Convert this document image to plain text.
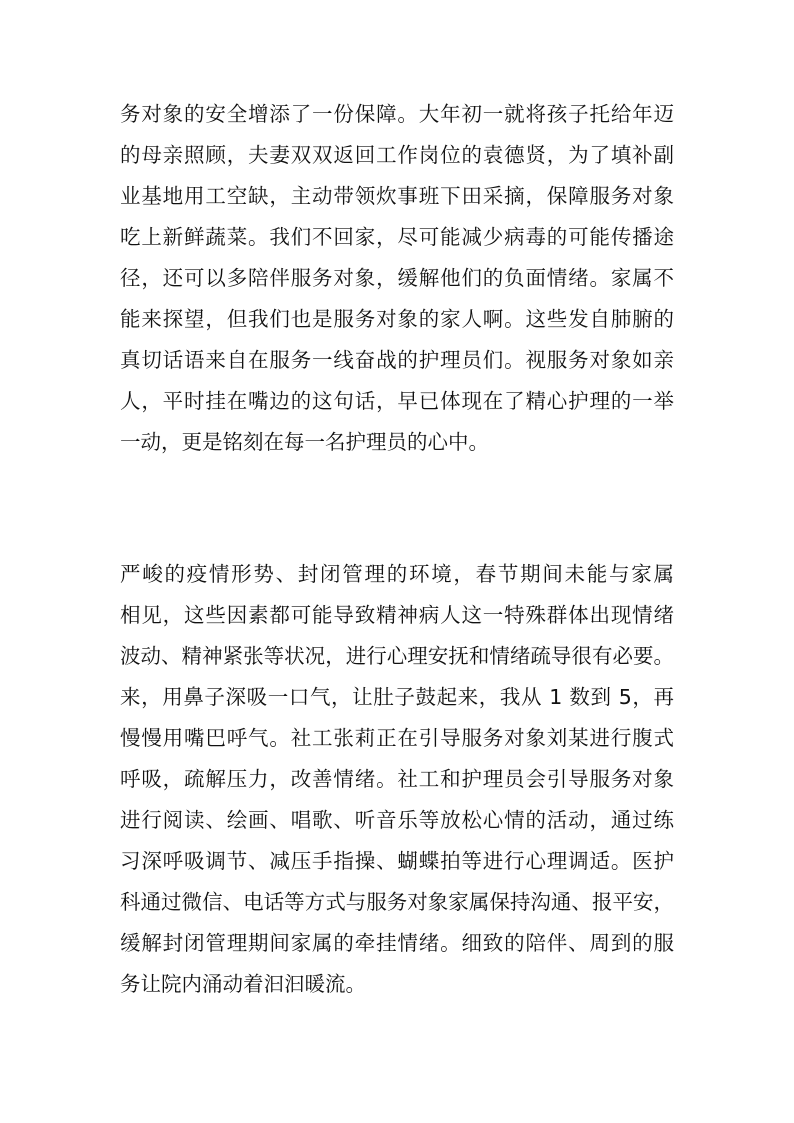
务对象的安全增添了一份保障。大年初一就将孩子托给年迈
的母亲照顾，夫妻双双返回工作岗位的袁德贤，为了填补副
业基地用工空缺，主动带领炊事班下田采摘，保障服务对象
吃上新鲜蔬菜。我们不回家，尽可能减少病毒的可能传播途
径，还可以多陪伴服务对象，缓解他们的负面情绪。家属不
能来探望，但我们也是服务对象的家人啊。这些发自肺腑的
真切话语来自在服务一线奋战的护理员们。视服务对象如亲
人，平时挂在嘴边的这句话，早已体现在了精心护理的一举
一动，更是铭刻在每一名护理员的心中。
严峻的疫情形势、封闭管理的环境，春节期间未能与家属
相见，这些因素都可能导致精神病人这一特殊群体出现情绪
波动、精神紧张等状况，进行心理安抚和情绪疏导很有必要。
来，用鼻子深吸一口气，让肚子鼓起来，我从 1 数到 5，再
慢慢用嘴巴呼气。社工张莉正在引导服务对象刘某进行腹式
呼吸，疏解压力，改善情绪。社工和护理员会引导服务对象
进行阅读、绘画、唱歌、听音乐等放松心情的活动，通过练
习深呼吸调节、减压手指操、蝴蝶拍等进行心理调适。医护
科通过微信、电话等方式与服务对象家属保持沟通、报平安，
缓解封闭管理期间家属的牵挂情绪。细致的陪伴、周到的服
务让院内涌动着汩汩暖流。
